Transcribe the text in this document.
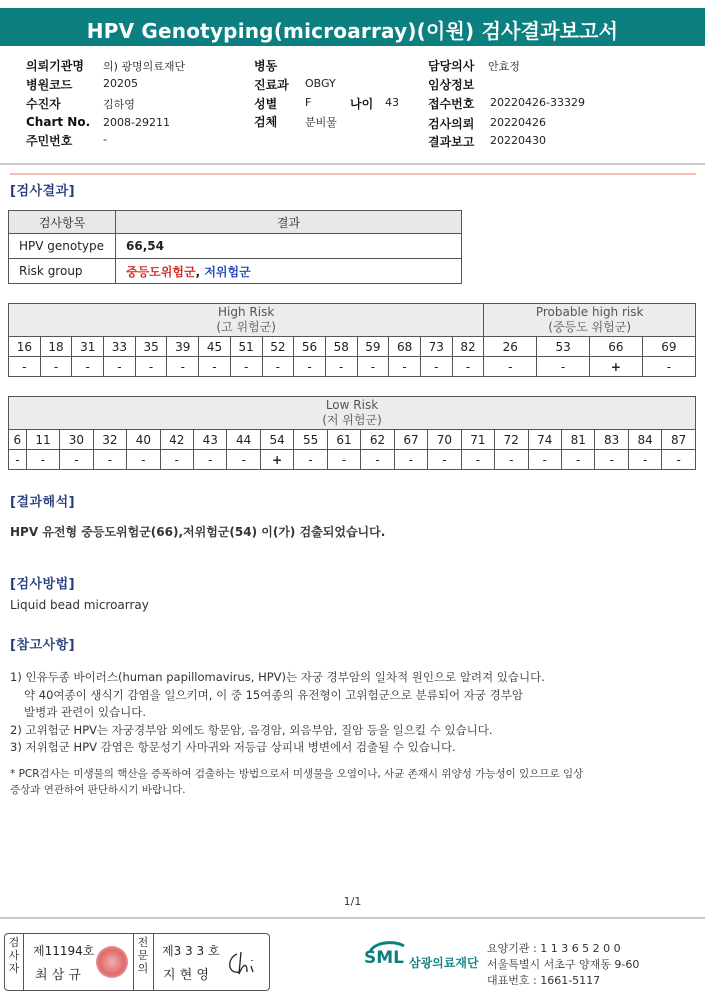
HPV Genotyping(microarray)(이원) 검사결과보고서
의뢰기관명 의) 광명의료재단
병원코드	20205
수진자	김하영
Chart No. 2008-29211
주민번호	-
병동
진료과 OBGY
성별	F	나이 43
검체	분비물
담당의사 안효정
임상정보
접수번호 20220426-33329
검사의뢰 20220426
결과보고 20220430
[검사결과]
검사항목	결과
HPV genotype	66,54
Risk group	중등도위험군, 저위험군
High Risk
(고 위험군)															Probable high risk
(중등도 위험군)			
16	18	31	33	35	39	45	51	52	56	58	59	68	73	82	26	53	66	69
-	-	-	-	-	-	-	-	-	-	-	-	-	-	-	-	-	+	-
Low Risk
(저 위험군)																				
6	11	30	32	40	42	43	44	54	55	61	62	67	70	71	72	74	81	83	84	87
-	-	-	-	-	-	-	-	+	-	-	-	-	-	-	-	-	-	-	-	-
[결과해석]
HPV 유전형 중등도위험군(66),저위험군(54) 이(가) 검출되었습니다.
[검사방법]
Liquid bead microarray
[참고사항]
1) 인유두종 바이러스(human papillomavirus, HPV)는 자궁 경부암의 일차적 원인으로 알려져 있습니다.
약 40여종이 생식기 감염을 일으키며, 이 중 15여종의 유전형이 고위험군으로 분류되어 자궁 경부암
발병과 관련이 있습니다.
2) 고위험군 HPV는 자궁경부암 외에도 항문암, 음경암, 외음부암, 질암 등을 일으킬 수 있습니다.
3) 저위험군 HPV 감염은 항문성기 사마귀와 저등급 상피내 병변에서 검출될 수 있습니다.
* PCR검사는 미생물의 핵산을 증폭하여 검출하는 방법으로서 미생물을 오염이나, 사균 존재시 위양성 가능성이 있으므로 임상
증상과 연관하여 판단하시기 바랍니다.
1/1
검사자
제11194호
최 삼 규
전문의
제3 3 3 호
지 현 영
SML 삼광의료재단
요양기관 : 1 1 3 6 5 2 0 0
서울특별시 서초구 양재동 9-60
대표번호 : 1661-5117
